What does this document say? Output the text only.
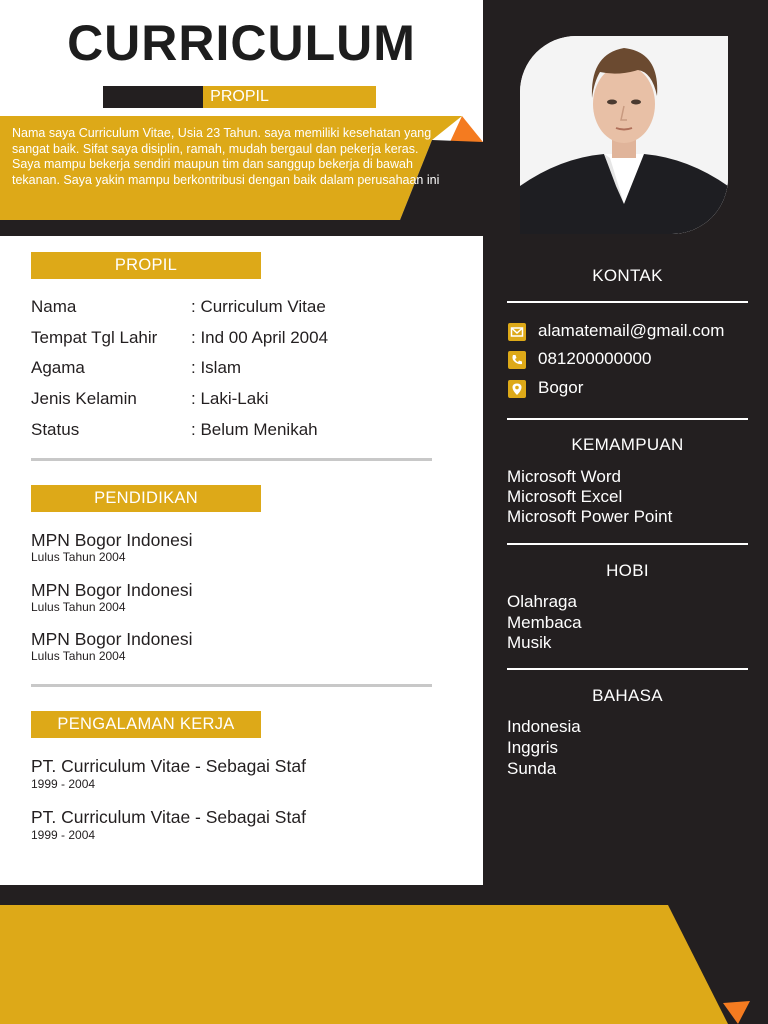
CURRICULUM
PROPIL
Nama saya Curriculum Vitae, Usia 23 Tahun. saya memiliki kesehatan yang sangat baik. Sifat saya disiplin, ramah, mudah bergaul dan pekerja keras. Saya mampu bekerja sendiri maupun tim dan sanggup bekerja di bawah tekanan. Saya yakin mampu berkontribusi dengan baik dalam perusahaan ini
PROPIL
Nama	: Curriculum Vitae
Tempat Tgl Lahir : Ind 00 April 2004
Agama	: Islam
Jenis Kelamin	: Laki-Laki
Status	: Belum Menikah
PENDIDIKAN
MPN Bogor Indonesi
Lulus Tahun 2004
MPN Bogor Indonesi
Lulus Tahun 2004
MPN Bogor Indonesi
Lulus Tahun 2004
PENGALAMAN KERJA
PT. Curriculum Vitae - Sebagai Staf
1999 - 2004
PT. Curriculum Vitae - Sebagai Staf
1999 - 2004
KONTAK
alamatemail@gmail.com
081200000000
Bogor
KEMAMPUAN
Microsoft Word
Microsoft Excel
Microsoft Power Point
HOBI
Olahraga
Membaca
Musik
BAHASA
Indonesia
Inggris
Sunda
